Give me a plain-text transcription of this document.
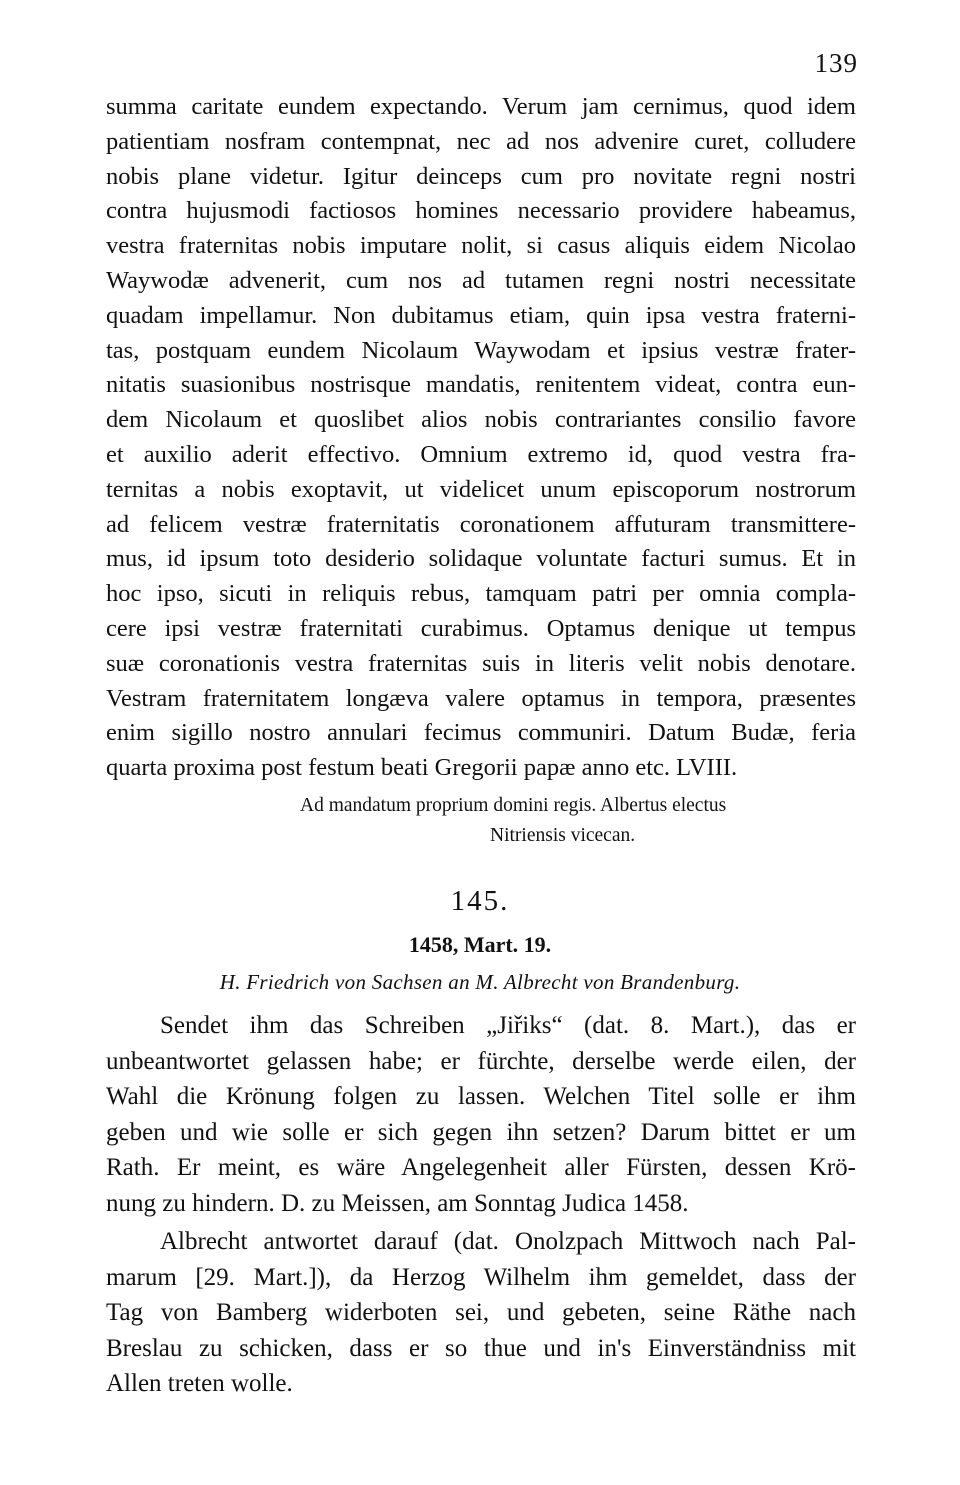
139
summa caritate eundem expectando. Verum jam cernimus, quod idem
patientiam nosfram contempnat, nec ad nos advenire curet, colludere
nobis plane videtur. Igitur deinceps cum pro novitate regni nostri
contra hujusmodi factiosos homines necessario providere habeamus,
vestra fraternitas nobis imputare nolit, si casus aliquis eidem Nicolao
Waywodæ advenerit, cum nos ad tutamen regni nostri necessitate
quadam impellamur. Non dubitamus etiam, quin ipsa vestra fraterni-
tas, postquam eundem Nicolaum Waywodam et ipsius vestræ frater-
nitatis suasionibus nostrisque mandatis, renitentem videat, contra eun-
dem Nicolaum et quoslibet alios nobis contrariantes consilio favore
et auxilio aderit effectivo. Omnium extremo id, quod vestra fra-
ternitas a nobis exoptavit, ut videlicet unum episcoporum nostrorum
ad felicem vestræ fraternitatis coronationem affuturam transmittere-
mus, id ipsum toto desiderio solidaque voluntate facturi sumus. Et in
hoc ipso, sicuti in reliquis rebus, tamquam patri per omnia compla-
cere ipsi vestræ fraternitati curabimus. Optamus denique ut tempus
suæ coronationis vestra fraternitas suis in literis velit nobis denotare.
Vestram fraternitatem longæva valere optamus in tempora, præsentes
enim sigillo nostro annulari fecimus communiri. Datum Budæ, feria
quarta proxima post festum beati Gregorii papæ anno etc. LVIII.
Ad mandatum proprium domini regis. Albertus electus
Nitriensis vicecan.
145.
1458, Mart. 19.
H. Friedrich von Sachsen an M. Albrecht von Brandenburg.
Sendet ihm das Schreiben „Jiřiks“ (dat. 8. Mart.), das er
unbeantwortet gelassen habe; er fürchte, derselbe werde eilen, der
Wahl die Krönung folgen zu lassen. Welchen Titel solle er ihm
geben und wie solle er sich gegen ihn setzen? Darum bittet er um
Rath. Er meint, es wäre Angelegenheit aller Fürsten, dessen Krö-
nung zu hindern. D. zu Meissen, am Sonntag Judica 1458.
Albrecht antwortet darauf (dat. Onolzpach Mittwoch nach Pal-
marum [29. Mart.]), da Herzog Wilhelm ihm gemeldet, dass der
Tag von Bamberg widerboten sei, und gebeten, seine Räthe nach
Breslau zu schicken, dass er so thue und in's Einverständniss mit
Allen treten wolle.
